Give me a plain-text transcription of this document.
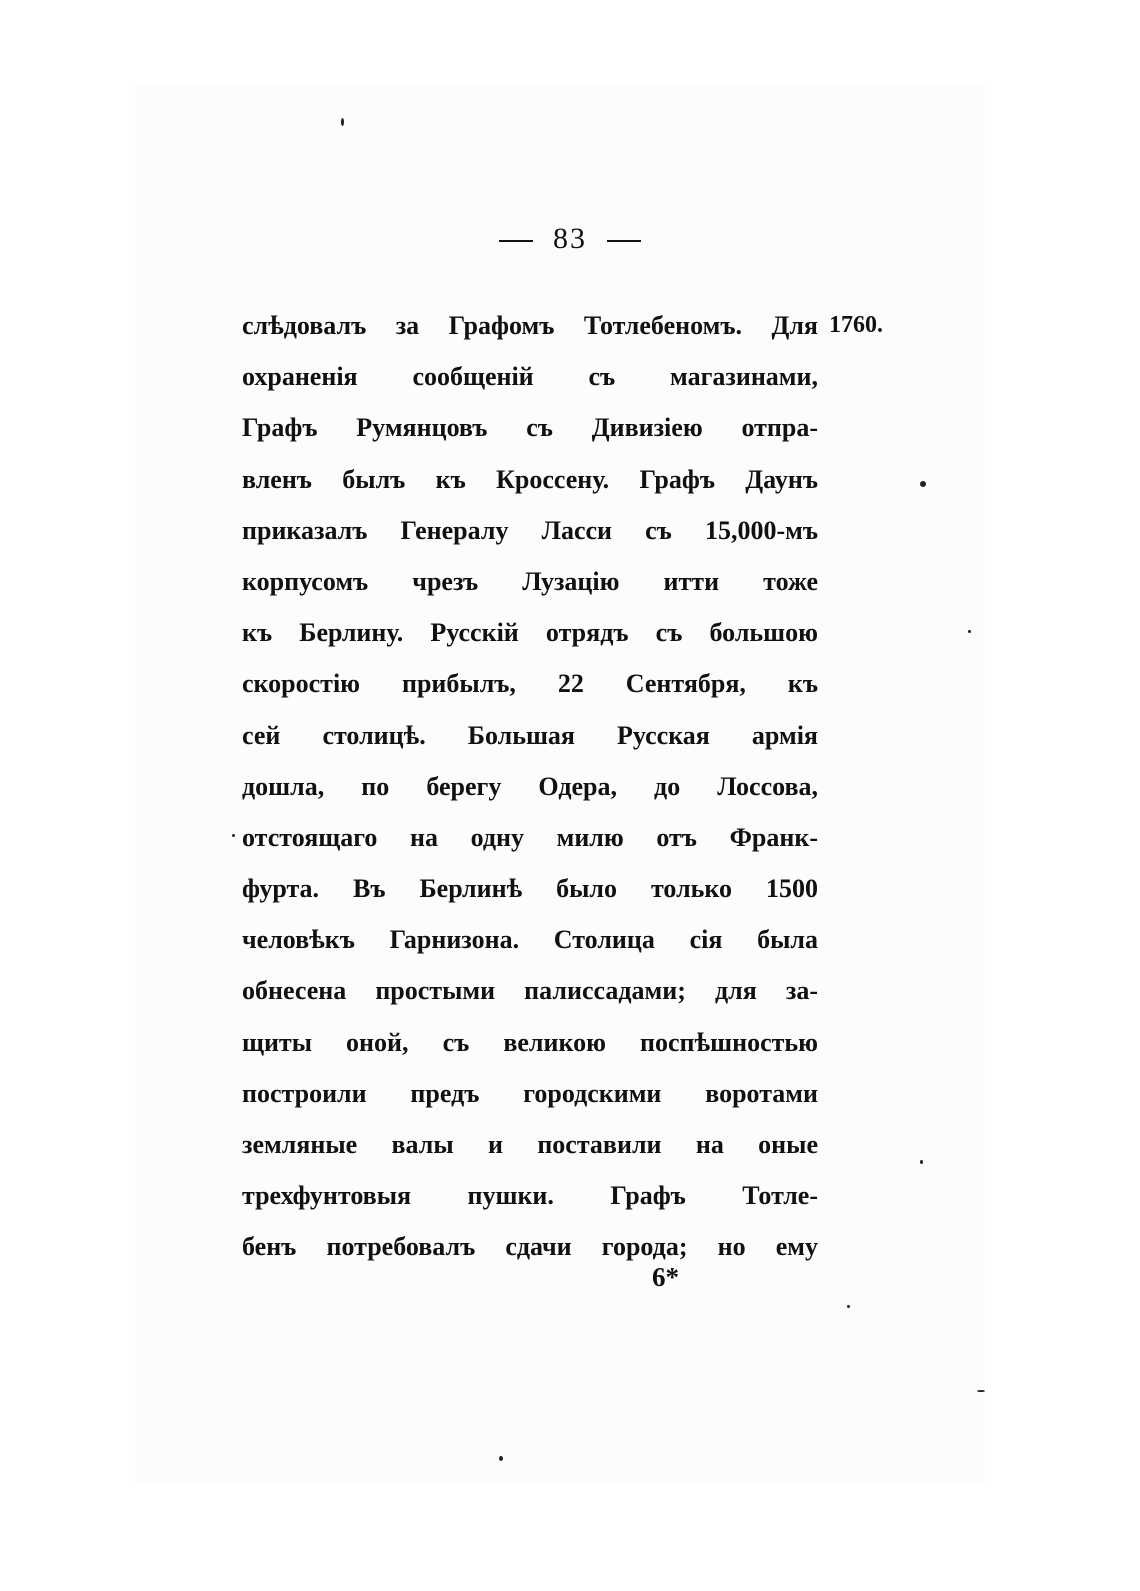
83
1760.
слѣдовалъ за Графомъ Тотлебеномъ. Для
охраненія сообщеній съ магазинами,
Графъ Румянцовъ съ Дивизіею отпра-
вленъ былъ къ Кроссену. Графъ Даунъ
приказалъ Генералу Ласси съ 15,000-мъ
корпусомъ чрезъ Лузацію итти тоже
къ Берлину. Русскій отрядъ съ большою
скоростію прибылъ, 22 Сентября, къ
сей столицѣ. Большая Русская армія
дошла, по берегу Одера, до Лоссова,
отстоящаго на одну милю отъ Франк-
фурта. Въ Берлинѣ было только 1500
человѣкъ Гарнизона. Столица сія была
обнесена простыми палиссадами; для за-
щиты оной, съ великою поспѣшностью
построили предъ городскими воротами
земляные валы и поставили на оные
трехфунтовыя пушки. Графъ Тотле-
бенъ потребовалъ сдачи города; но ему
6*
